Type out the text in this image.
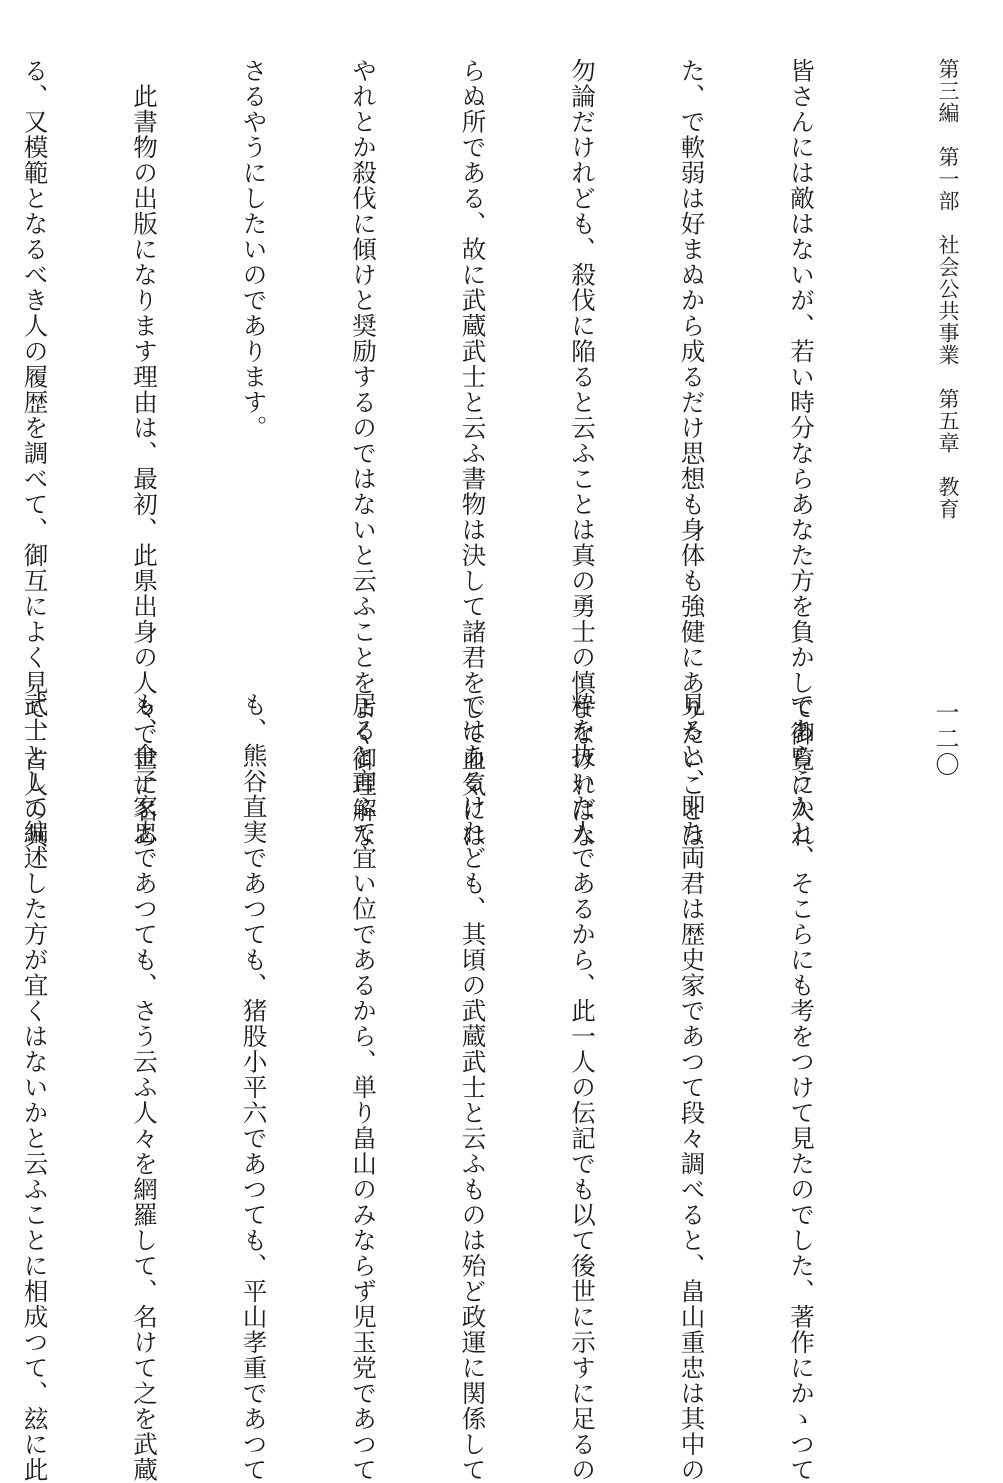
第三編　第一部　社会公共事業　第五章　教育
一二〇

皆さんには敵はないが、若い時分ならあなた方を負かして御覧に入れ

た、で軟弱は好まぬから成るだけ思想も身体も強健にありたいことは

勿論だけれども、殺伐に陥ると云ふことは真の勇士の慎まなければな

らぬ所である、故に武蔵武士と云ふ書物は決して諸君をして血気には

やれとか殺伐に傾けと奨励するのではないと云ふことをよく御理解な

さるやうにしたいのであります。

　此書物の出版になります理由は、最初、此県出身の人々で世に名あ

る、又模範となるべき人の履歴を調べて、御互によく見て、古人の其

であらうかと、そこらにも考をつけて見たのでした、著作にかゝつて

見ると、即ち両君は歴史家であつて段々調べると、畠山重忠は其中の

粋を抜いた人であるから、此一人の伝記でも以て後世に示すに足るの

ではあるけれども、其頃の武蔵武士と云ふものは殆ど政運に関係して

居ると言ふて宜い位であるから、単り畠山のみならず児玉党であつて

も、熊谷直実であつても、猪股小平六であつても、平山孝重であつて

も、金子家忠であつても、さう云ふ人々を網羅して、名けて之を武蔵

武士として編述した方が宜くはないかと云ふことに相成つて、玆に此
